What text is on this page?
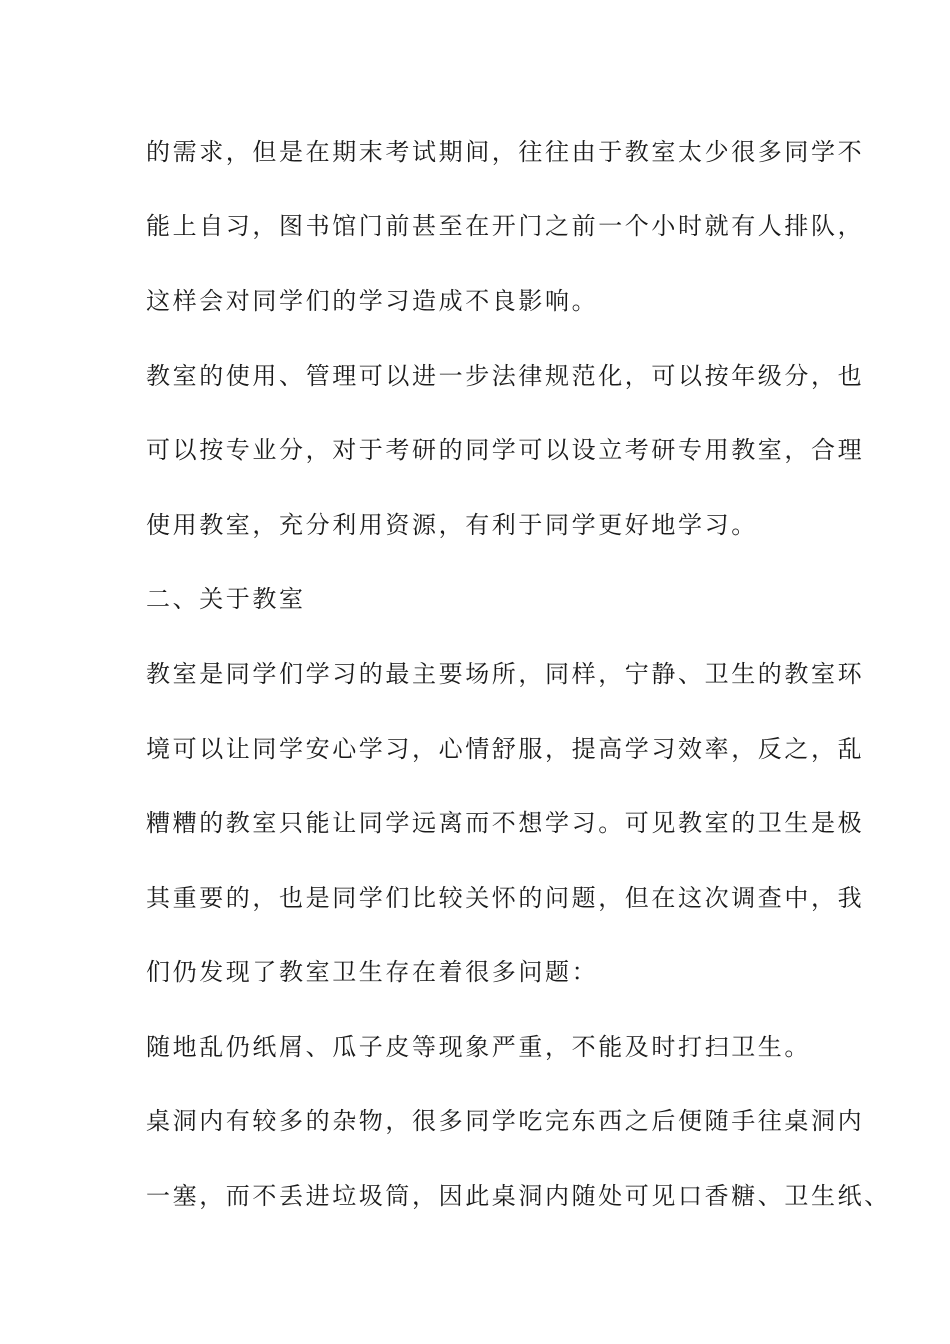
的需求，但是在期末考试期间，往往由于教室太少很多同学不

能上自习，图书馆门前甚至在开门之前一个小时就有人排队，

这样会对同学们的学习造成不良影响。

教室的使用、管理可以进一步法律规范化，可以按年级分，也

可以按专业分，对于考研的同学可以设立考研专用教室，合理

使用教室，充分利用资源，有利于同学更好地学习。

二、关于教室

教室是同学们学习的最主要场所，同样，宁静、卫生的教室环

境可以让同学安心学习，心情舒服，提高学习效率，反之，乱

糟糟的教室只能让同学远离而不想学习。可见教室的卫生是极

其重要的，也是同学们比较关怀的问题，但在这次调查中，我

们仍发现了教室卫生存在着很多问题：

随地乱仍纸屑、瓜子皮等现象严重，不能及时打扫卫生。

桌洞内有较多的杂物，很多同学吃完东西之后便随手往桌洞内

一塞，而不丢进垃圾筒，因此桌洞内随处可见口香糖、卫生纸、
